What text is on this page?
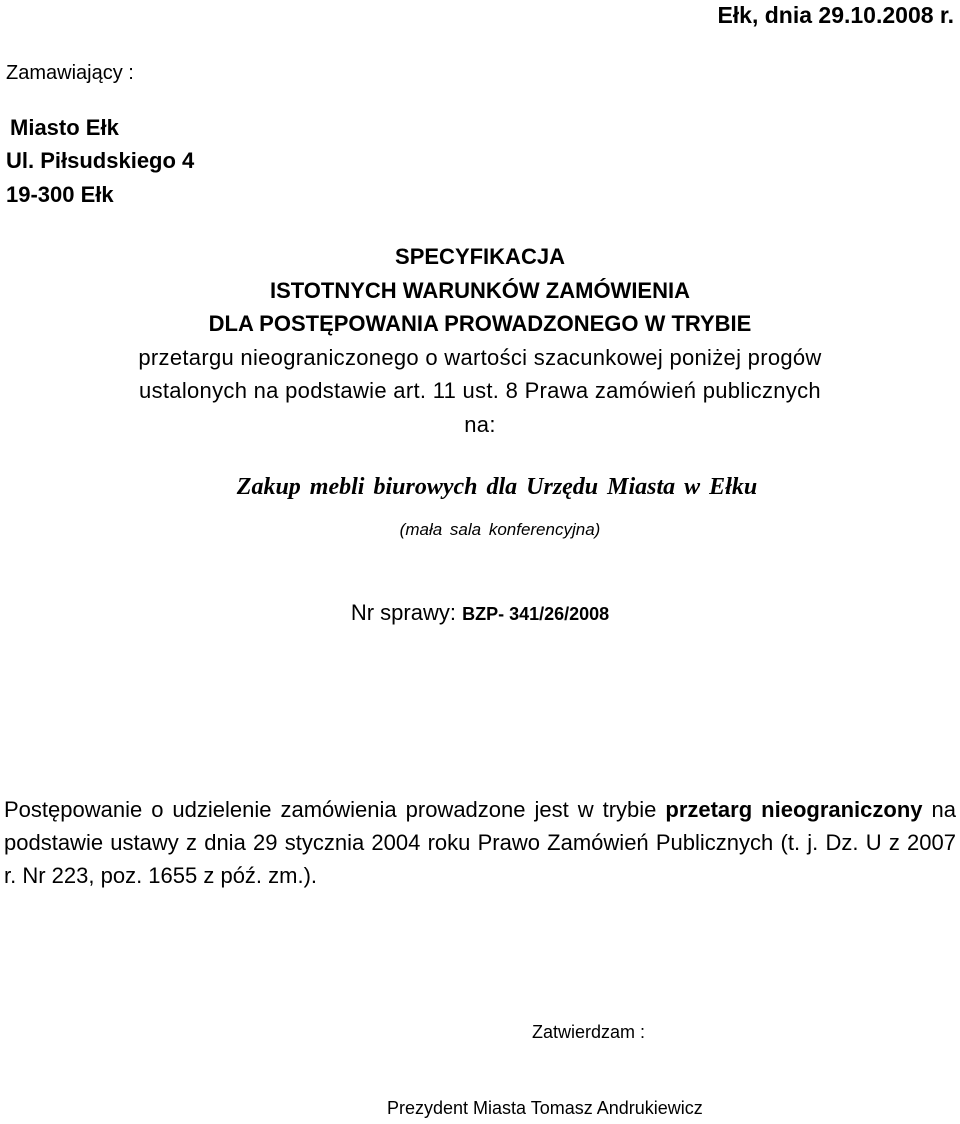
Ełk, dnia 29.10.2008 r.
Zamawiający :
Miasto Ełk
Ul. Piłsudskiego 4
19-300 Ełk
SPECYFIKACJA
ISTOTNYCH WARUNKÓW ZAMÓWIENIA
DLA POSTĘPOWANIA PROWADZONEGO W TRYBIE
przetargu nieograniczonego o wartości szacunkowej poniżej progów
ustalonych na podstawie art. 11 ust. 8 Prawa zamówień publicznych
na:
Zakup mebli biurowych dla Urzędu Miasta w Ełku
(mała sala konferencyjna)
Nr sprawy: BZP- 341/26/2008
Postępowanie o udzielenie zamówienia prowadzone jest w trybie przetarg nieograniczony na podstawie ustawy z dnia 29 stycznia 2004 roku Prawo Zamówień Publicznych (t. j. Dz. U z 2007 r. Nr 223, poz. 1655 z póź. zm.).
Zatwierdzam :
Prezydent Miasta Tomasz Andrukiewicz
